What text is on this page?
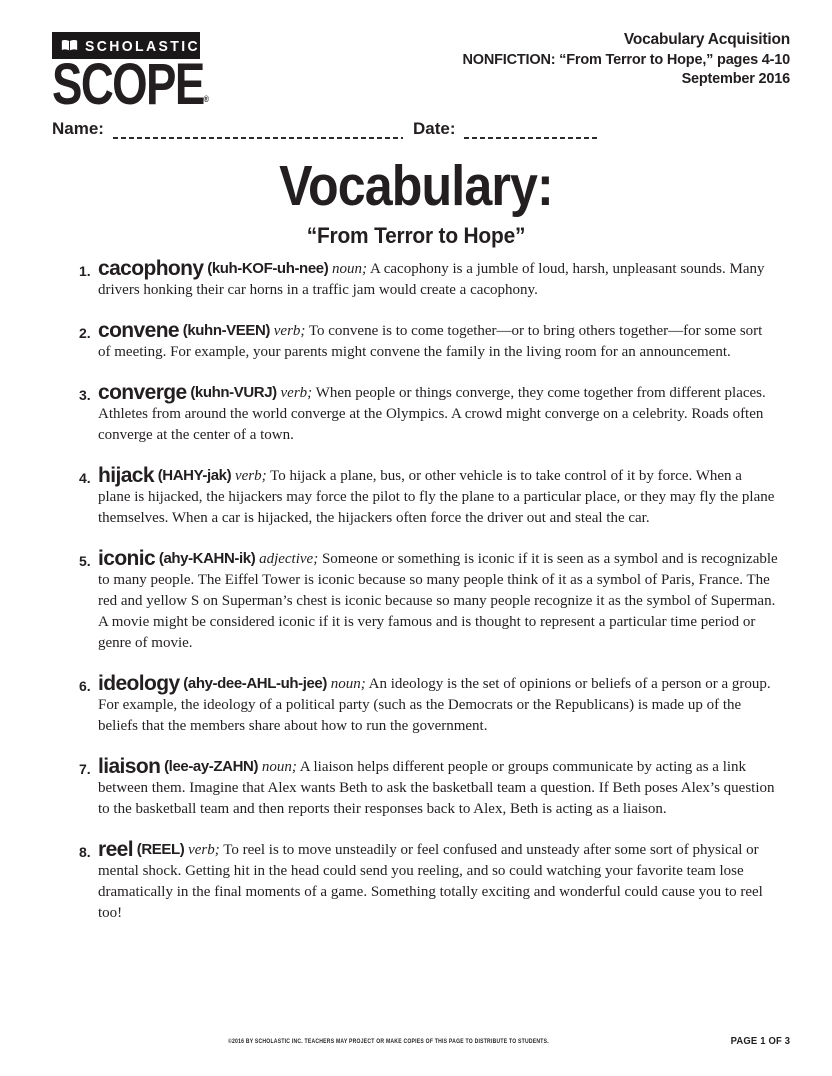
SCHOLASTIC
SCOPE®
Vocabulary Acquisition
NONFICTION: “From Terror to Hope,” pages 4-10
September 2016
Name:	Date:
Vocabulary:
“From Terror to Hope”
1. cacophony (kuh-KOF-uh-nee) noun; A cacophony is a jumble of loud, harsh, unpleasant sounds. Many drivers honking their car horns in a traffic jam would create a cacophony.
2. convene (kuhn-VEEN) verb; To convene is to come together—or to bring others together—for some sort of meeting. For example, your parents might convene the family in the living room for an announcement.
3. converge (kuhn-VURJ) verb; When people or things converge, they come together from different places. Athletes from around the world converge at the Olympics. A crowd might converge on a celebrity. Roads often converge at the center of a town.
4. hijack (HAHY-jak) verb; To hijack a plane, bus, or other vehicle is to take control of it by force. When a plane is hijacked, the hijackers may force the pilot to fly the plane to a particular place, or they may fly the plane themselves. When a car is hijacked, the hijackers often force the driver out and steal the car.
5. iconic (ahy-KAHN-ik) adjective; Someone or something is iconic if it is seen as a symbol and is recognizable to many people. The Eiffel Tower is iconic because so many people think of it as a symbol of Paris, France. The red and yellow S on Superman’s chest is iconic because so many people recognize it as the symbol of Superman. A movie might be considered iconic if it is very famous and is thought to represent a particular time period or genre of movie.
6. ideology (ahy-dee-AHL-uh-jee) noun; An ideology is the set of opinions or beliefs of a person or a group. For example, the ideology of a political party (such as the Democrats or the Republicans) is made up of the beliefs that the members share about how to run the government.
7. liaison (lee-ay-ZAHN) noun; A liaison helps different people or groups communicate by acting as a link between them. Imagine that Alex wants Beth to ask the basketball team a question. If Beth poses Alex’s question to the basketball team and then reports their responses back to Alex, Beth is acting as a liaison.
8. reel (REEL) verb; To reel is to move unsteadily or feel confused and unsteady after some sort of physical or mental shock. Getting hit in the head could send you reeling, and so could watching your favorite team lose dramatically in the final moments of a game. Something totally exciting and wonderful could cause you to reel too!
©2016 BY SCHOLASTIC INC. TEACHERS MAY PROJECT OR MAKE COPIES OF THIS PAGE TO DISTRIBUTE TO STUDENTS.	PAGE 1 OF 3
